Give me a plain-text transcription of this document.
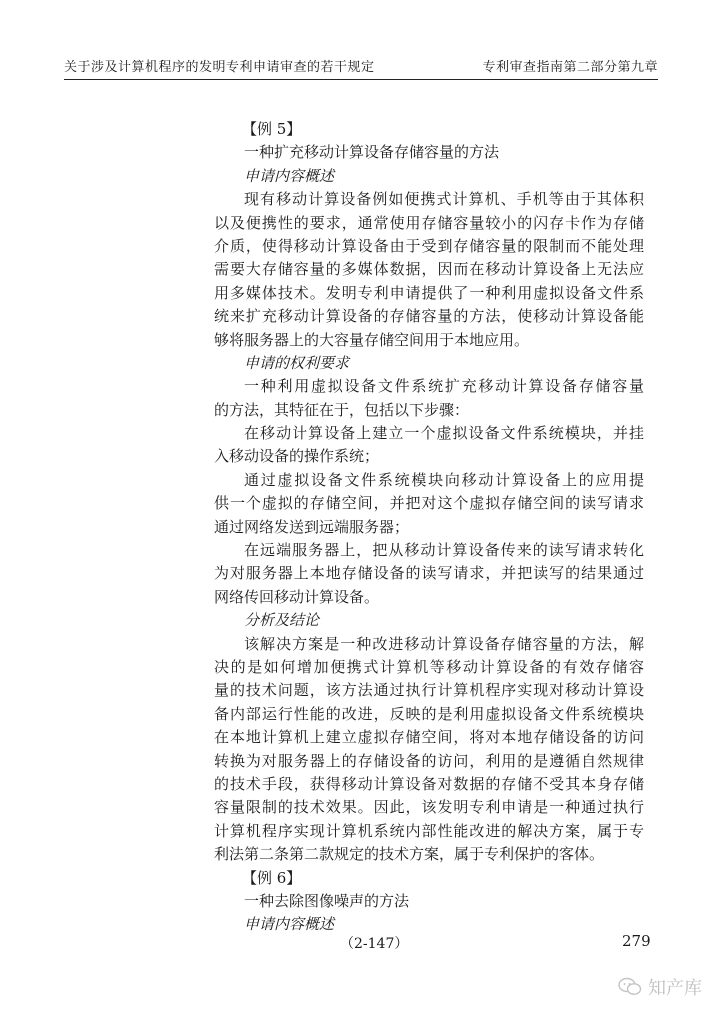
关于涉及计算机程序的发明专利申请审查的若干规定	专利审查指南第二部分第九章
【例 5】
一种扩充移动计算设备存储容量的方法
申请内容概述
现有移动计算设备例如便携式计算机、手机等由于其体积
以及便携性的要求，通常使用存储容量较小的闪存卡作为存储
介质，使得移动计算设备由于受到存储容量的限制而不能处理
需要大存储容量的多媒体数据，因而在移动计算设备上无法应
用多媒体技术。发明专利申请提供了一种利用虚拟设备文件系
统来扩充移动计算设备的存储容量的方法，使移动计算设备能
够将服务器上的大容量存储空间用于本地应用。
申请的权利要求
一种利用虚拟设备文件系统扩充移动计算设备存储容量
的方法，其特征在于，包括以下步骤：
在移动计算设备上建立一个虚拟设备文件系统模块，并挂
入移动设备的操作系统；
通过虚拟设备文件系统模块向移动计算设备上的应用提
供一个虚拟的存储空间，并把对这个虚拟存储空间的读写请求
通过网络发送到远端服务器；
在远端服务器上，把从移动计算设备传来的读写请求转化
为对服务器上本地存储设备的读写请求，并把读写的结果通过
网络传回移动计算设备。
分析及结论
该解决方案是一种改进移动计算设备存储容量的方法，解
决的是如何增加便携式计算机等移动计算设备的有效存储容
量的技术问题，该方法通过执行计算机程序实现对移动计算设
备内部运行性能的改进，反映的是利用虚拟设备文件系统模块
在本地计算机上建立虚拟存储空间，将对本地存储设备的访问
转换为对服务器上的存储设备的访问，利用的是遵循自然规律
的技术手段，获得移动计算设备对数据的存储不受其本身存储
容量限制的技术效果。因此，该发明专利申请是一种通过执行
计算机程序实现计算机系统内部性能改进的解决方案，属于专
利法第二条第二款规定的技术方案，属于专利保护的客体。
【例 6】
一种去除图像噪声的方法
申请内容概述
（2-147）	279
知产库
